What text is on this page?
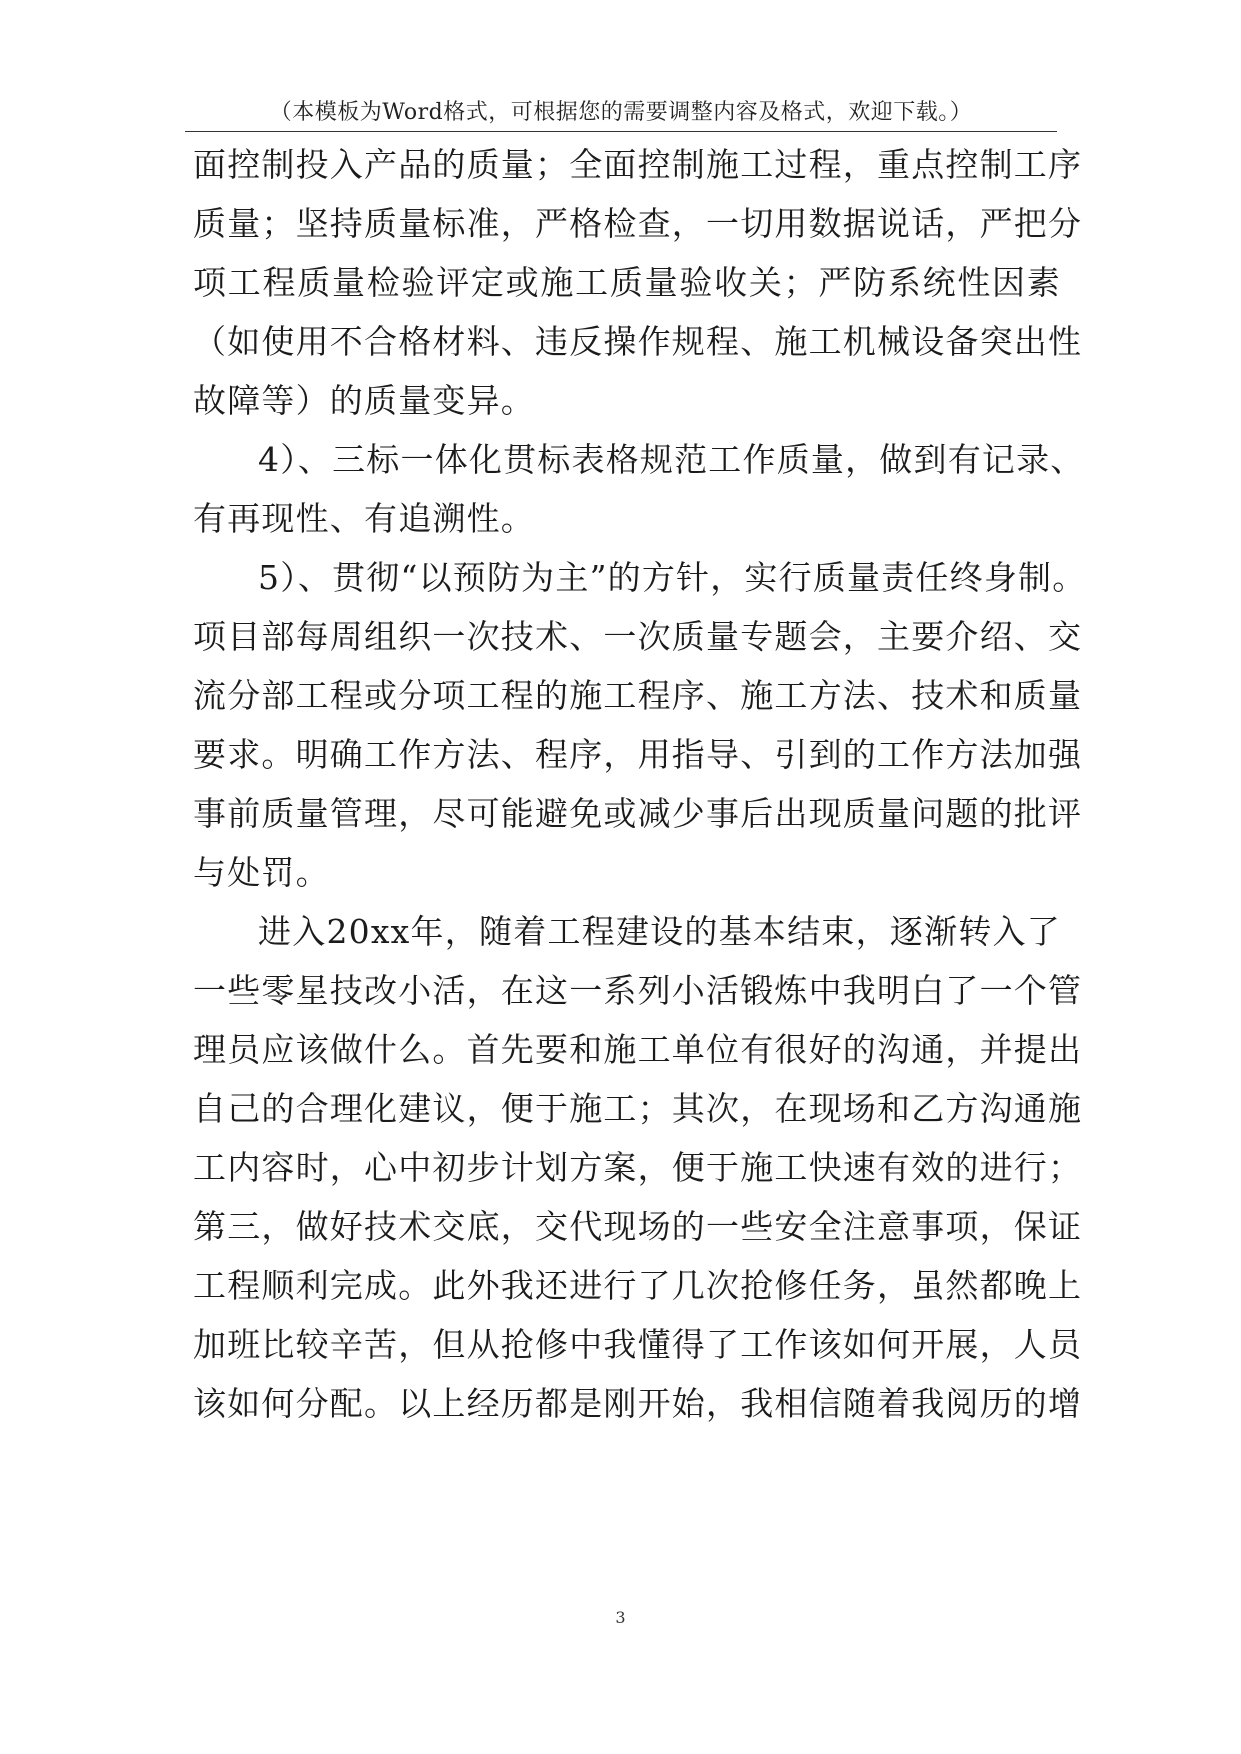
（本模板为Word格式，可根据您的需要调整内容及格式，欢迎下载。）
面控制投入产品的质量；全面控制施工过程，重点控制工序
质量；坚持质量标准，严格检查，一切用数据说话，严把分
项工程质量检验评定或施工质量验收关；严防系统性因素
（如使用不合格材料、违反操作规程、施工机械设备突出性
故障等）的质量变异。
4）、三标一体化贯标表格规范工作质量，做到有记录、
有再现性、有追溯性。
5）、贯彻“以预防为主”的方针，实行质量责任终身制。
项目部每周组织一次技术、一次质量专题会，主要介绍、交
流分部工程或分项工程的施工程序、施工方法、技术和质量
要求。明确工作方法、程序，用指导、引到的工作方法加强
事前质量管理，尽可能避免或减少事后出现质量问题的批评
与处罚。
进入20xx年，随着工程建设的基本结束，逐渐转入了
一些零星技改小活，在这一系列小活锻炼中我明白了一个管
理员应该做什么。首先要和施工单位有很好的沟通，并提出
自己的合理化建议，便于施工；其次，在现场和乙方沟通施
工内容时，心中初步计划方案，便于施工快速有效的进行；
第三，做好技术交底，交代现场的一些安全注意事项，保证
工程顺利完成。此外我还进行了几次抢修任务，虽然都晚上
加班比较辛苦，但从抢修中我懂得了工作该如何开展，人员
该如何分配。以上经历都是刚开始，我相信随着我阅历的增
3
